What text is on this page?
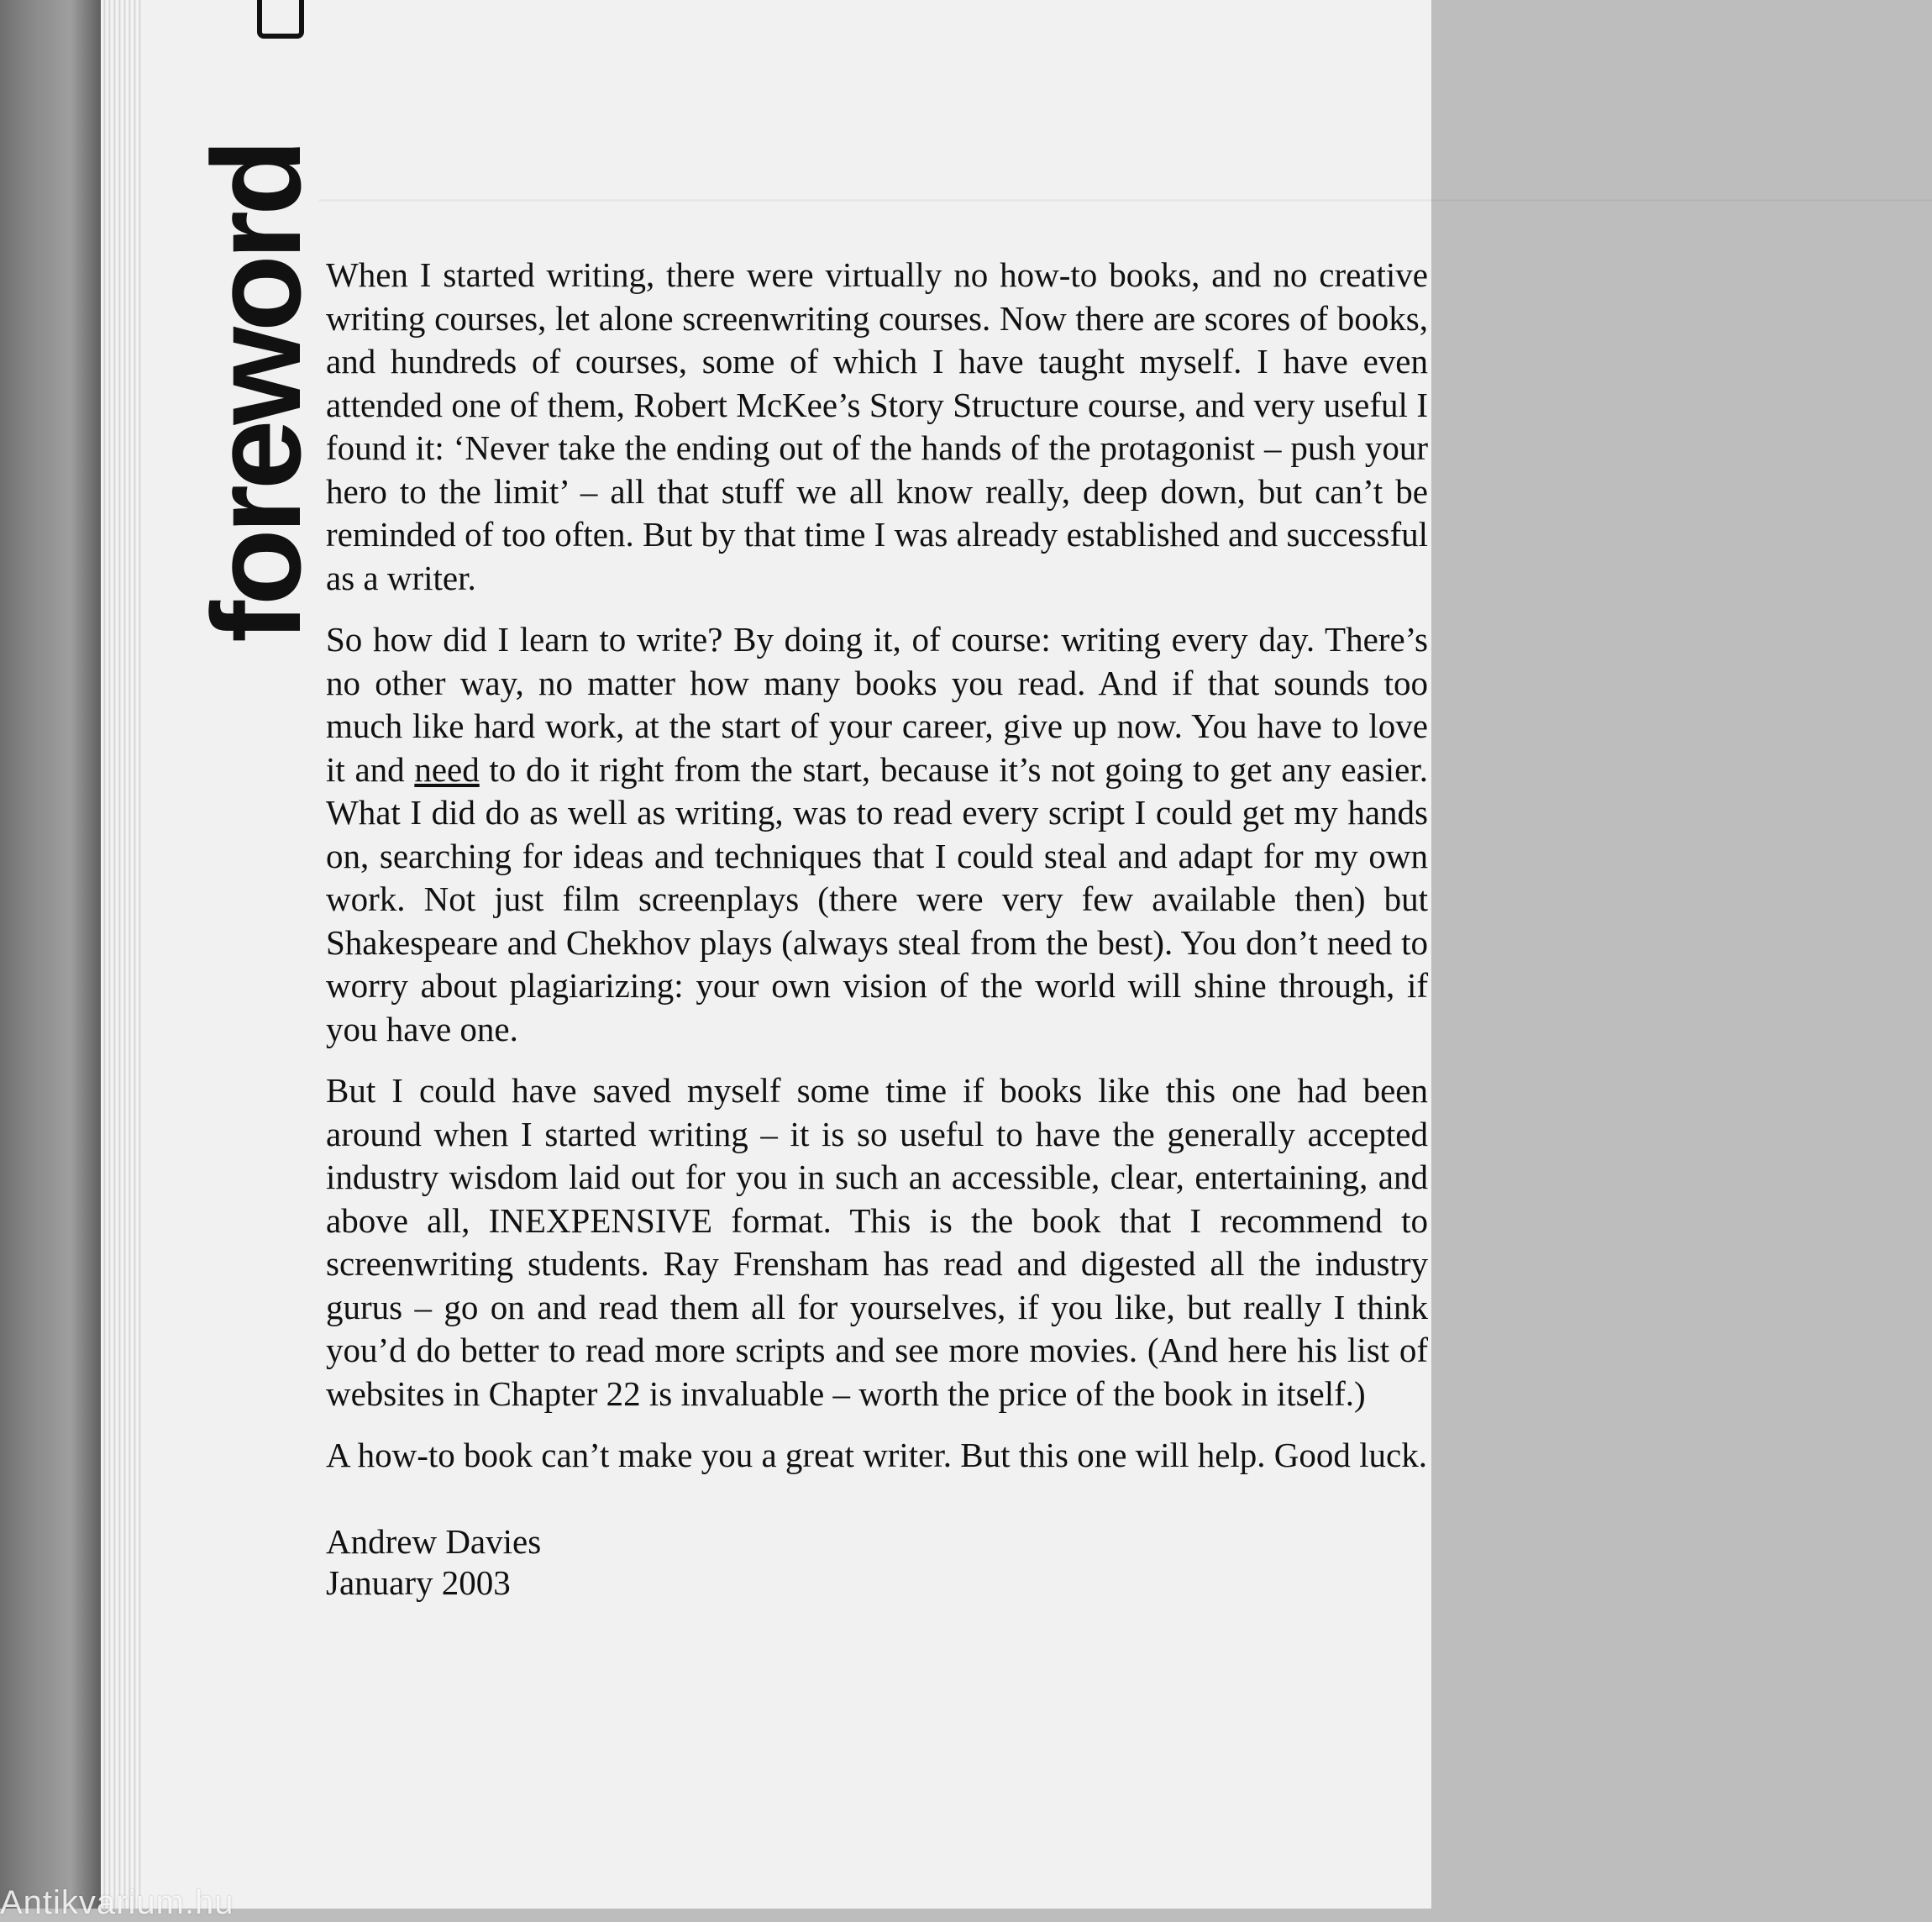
————————————————————————————————————————————————

foreword When I started writing, there were virtually no how-to books, and no creative writing courses, let alone screenwriting courses. Now there are scores of books, and hundreds of courses, some of which I have taught myself. I have even attended one of them, Robert McKee’s Story Structure course, and very useful I found it: ‘Never take the ending out of the hands of the protagonist – push your hero to the limit’ – all that stuff we all know really, deep down, but can’t be reminded of too often. But by that time I was already established and successful as a writer.

So how did I learn to write? By doing it, of course: writing every day. There’s no other way, no matter how many books you read. And if that sounds too much like hard work, at the start of your career, give up now. You have to love it and need to do it right from the start, because it’s not going to get any easier. What I did do as well as writing, was to read every script I could get my hands on, searching for ideas and techniques that I could steal and adapt for my own work. Not just film screenplays (there were very few available then) but Shakespeare and Chekhov plays (always steal from the best). You don’t need to worry about plagiarizing: your own vision of the world will shine through, if you have one.

But I could have saved myself some time if books like this one had been around when I started writing – it is so useful to have the generally accepted industry wisdom laid out for you in such an accessible, clear, entertaining, and above all, INEXPENSIVE format. This is the book that I recommend to screenwriting students. Ray Frensham has read and digested all the industry gurus – go on and read them all for yourselves, if you like, but really I think you’d do better to read more scripts and see more movies. (And here his list of websites in Chapter 22 is invaluable – worth the price of the book in itself.)

A how-to book can’t make you a great writer. But this one will help. Good luck.

Andrew Davies
January 2003
Antikvarium.hu
